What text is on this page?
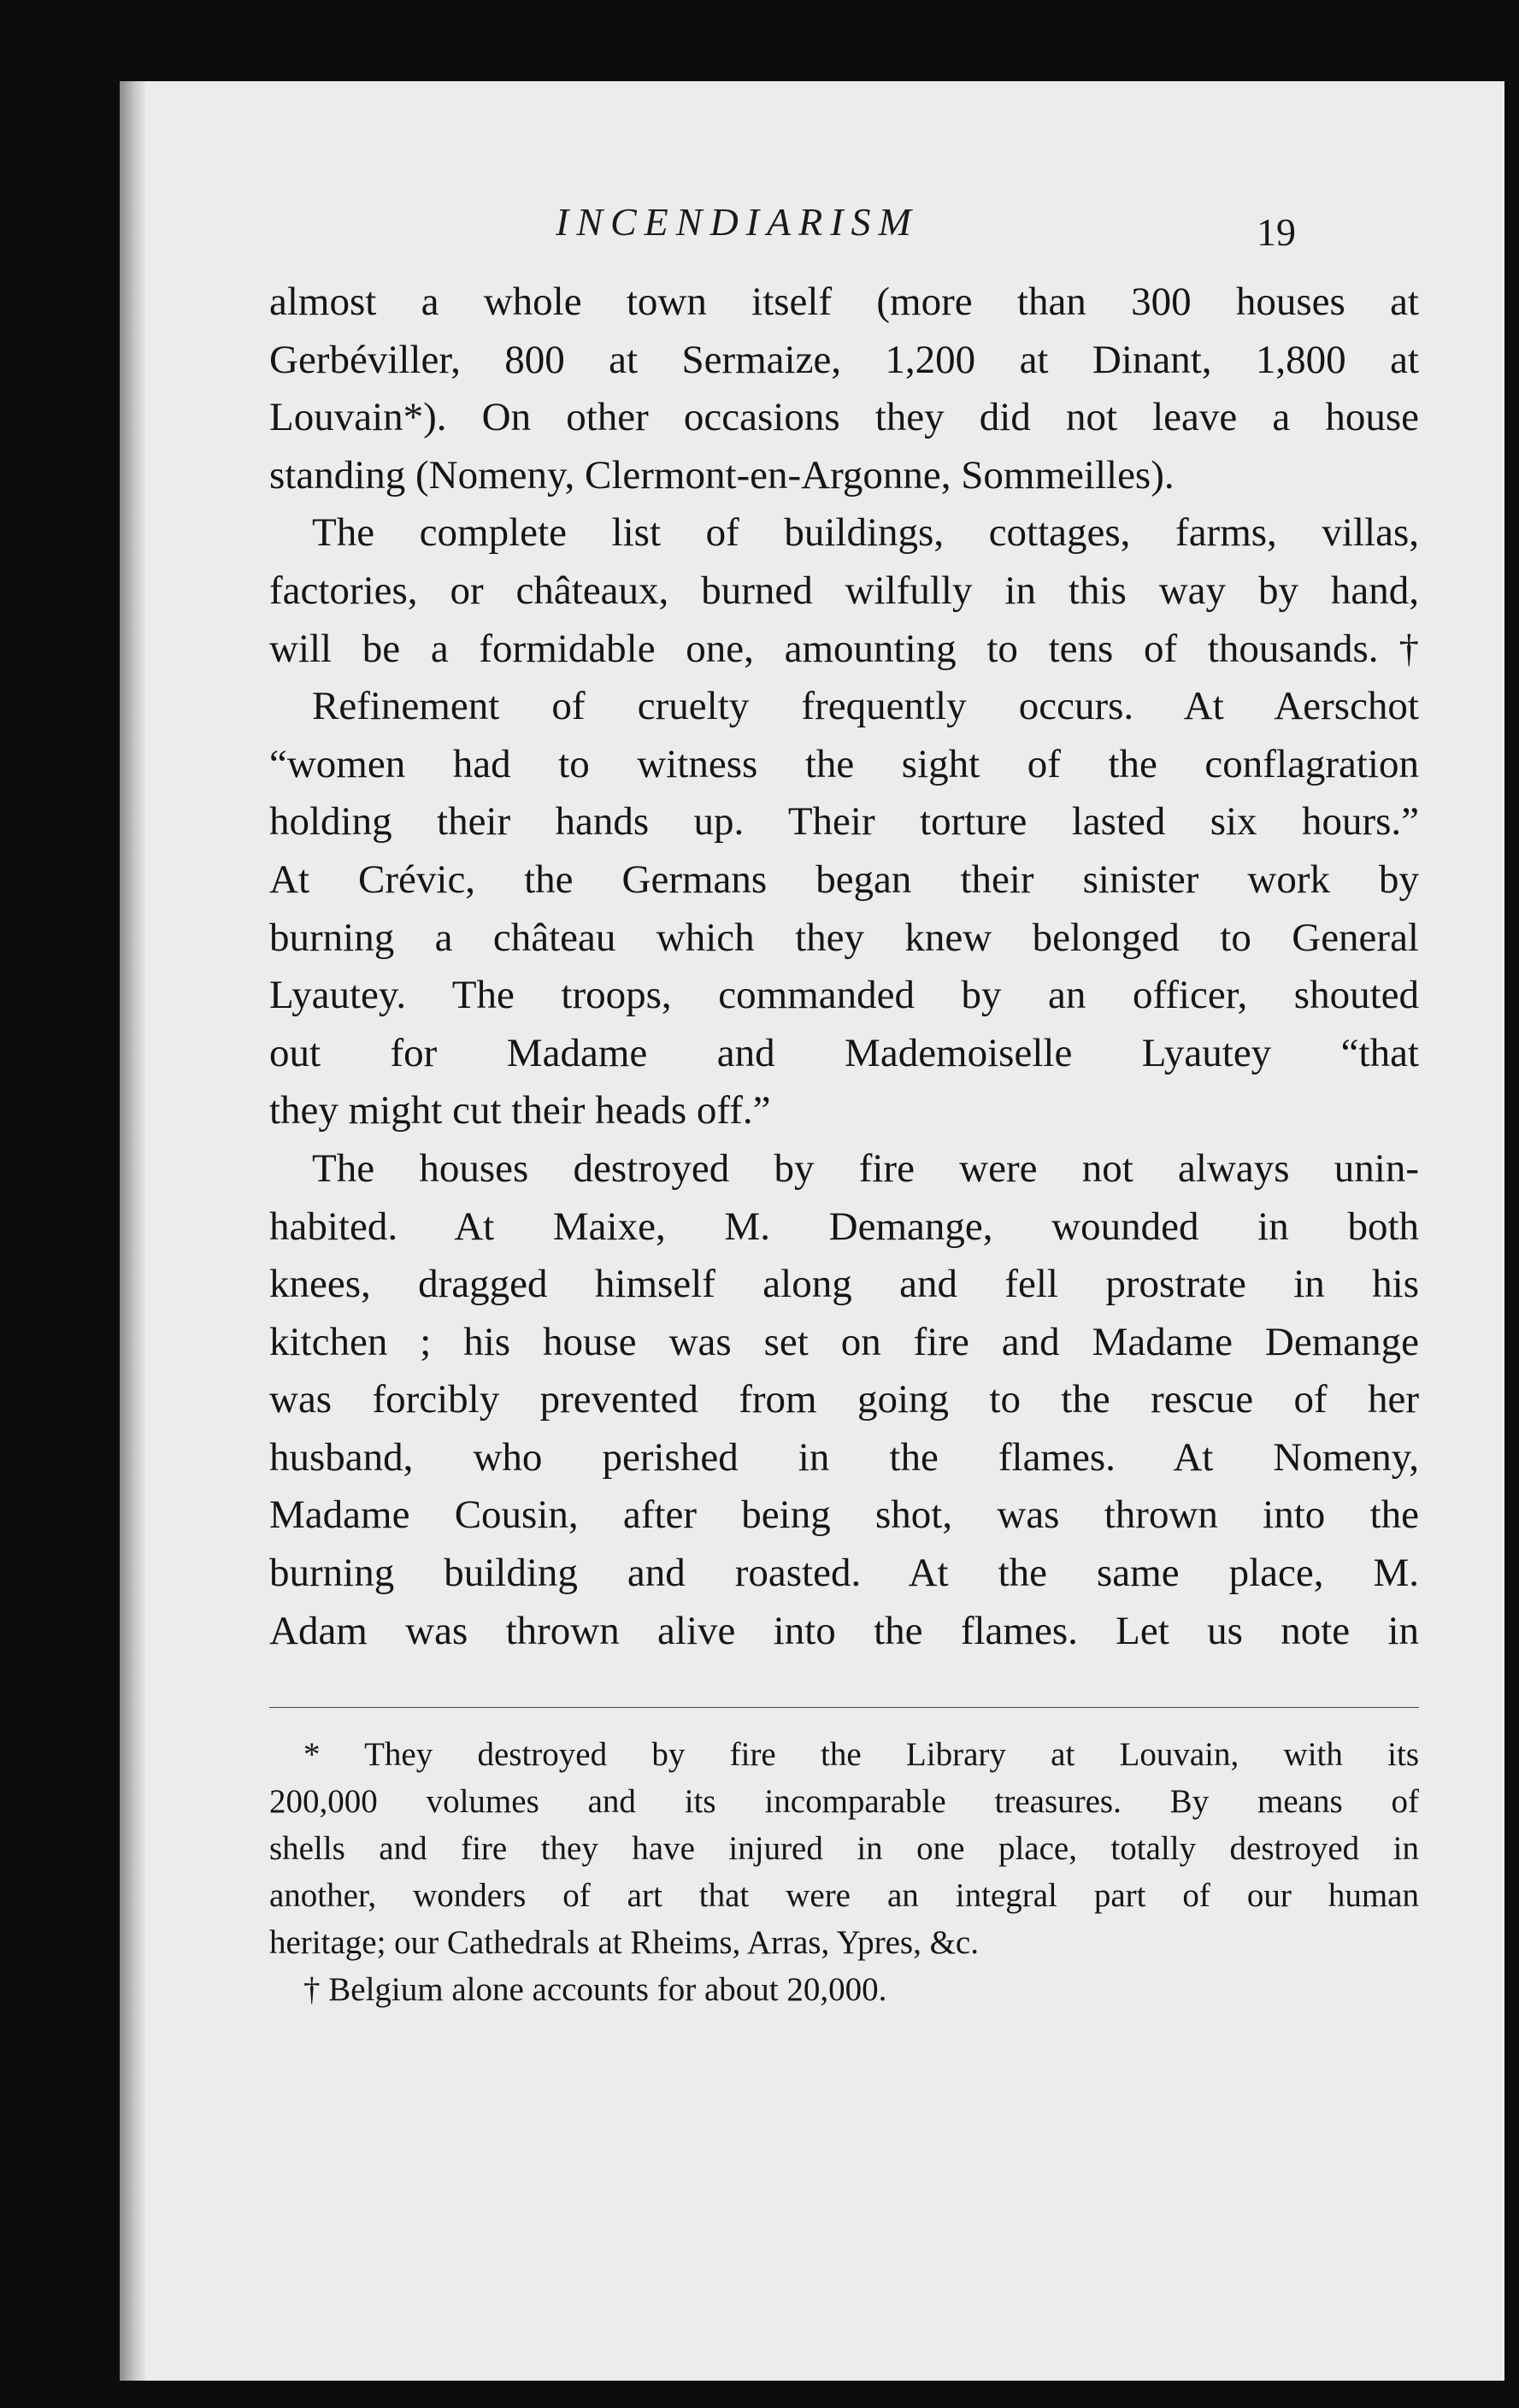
INCENDIARISM	19
almost a whole town itself (more than 300 houses at
Gerbéviller, 800 at Sermaize, 1,200 at Dinant, 1,800 at
Louvain*). On other occasions they did not leave a house
standing (Nomeny, Clermont-en-Argonne, Sommeilles).
The complete list of buildings, cottages, farms, villas,
factories, or châteaux, burned wilfully in this way by hand,
will be a formidable one, amounting to tens of thousands.†
Refinement of cruelty frequently occurs. At Aerschot
“women had to witness the sight of the conflagration
holding their hands up. Their torture lasted six hours.”
At Crévic, the Germans began their sinister work by
burning a château which they knew belonged to General
Lyautey. The troops, commanded by an officer, shouted
out for Madame and Mademoiselle Lyautey “that
they might cut their heads off.”
The houses destroyed by fire were not always unin-
habited. At Maixe, M. Demange, wounded in both
knees, dragged himself along and fell prostrate in his
kitchen ; his house was set on fire and Madame Demange
was forcibly prevented from going to the rescue of her
husband, who perished in the flames. At Nomeny,
Madame Cousin, after being shot, was thrown into the
burning building and roasted. At the same place, M.
Adam was thrown alive into the flames. Let us note in
* They destroyed by fire the Library at Louvain, with its
200,000 volumes and its incomparable treasures. By means of
shells and fire they have injured in one place, totally destroyed in
another, wonders of art that were an integral part of our human
heritage; our Cathedrals at Rheims, Arras, Ypres, &c.
† Belgium alone accounts for about 20,000.
